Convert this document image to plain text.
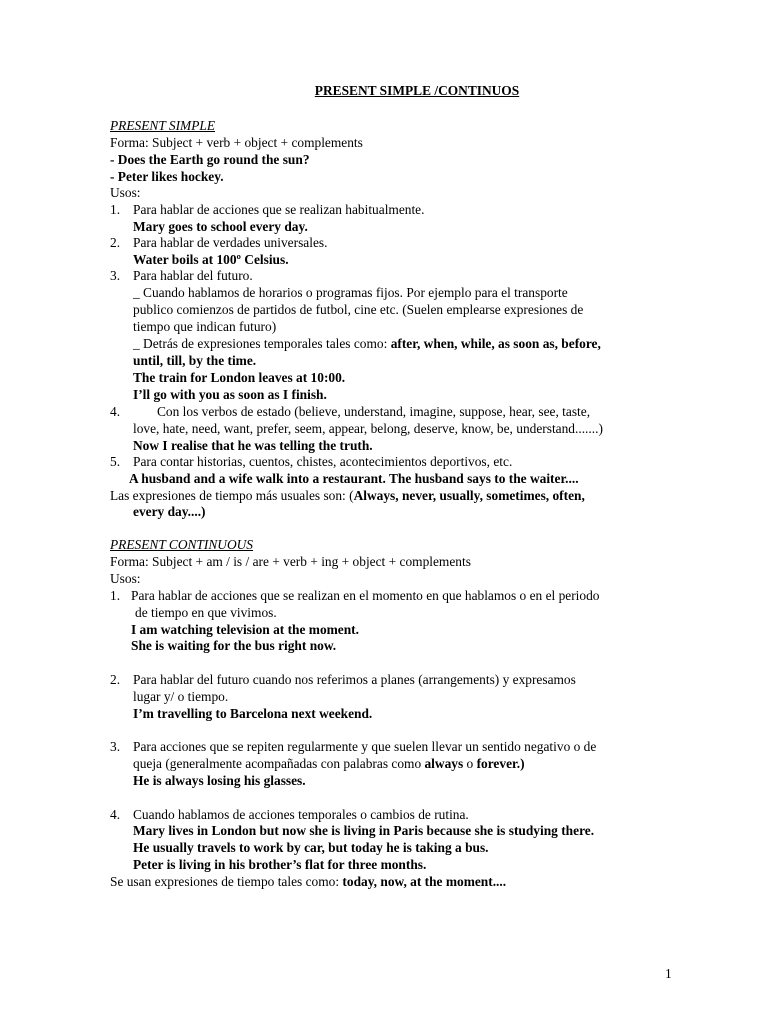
PRESENT SIMPLE /CONTINUOS
PRESENT SIMPLE
Forma: Subject + verb + object + complements
- Does the Earth go round the sun?
- Peter likes hockey.
Usos:
1. Para hablar de acciones que se realizan habitualmente.
Mary goes to school every day.
2. Para hablar de verdades universales.
Water boils at 100º Celsius.
3. Para hablar del futuro.
_ Cuando hablamos de horarios o programas fijos. Por ejemplo para el transporte
publico comienzos de partidos de futbol, cine etc. (Suelen emplearse expresiones de
tiempo que indican futuro)
_ Detrás de expresiones temporales tales como: after, when, while, as soon as, before,
until, till, by the time.
The train for London leaves at 10:00.
I’ll go with you as soon as I finish.
4.	Con los verbos de estado (believe, understand, imagine, suppose, hear, see, taste,
love, hate, need, want, prefer, seem, appear, belong, deserve, know, be, understand.......)
Now I realise that he was telling the truth.
5. Para contar historias, cuentos, chistes, acontecimientos deportivos, etc.
A husband and a wife walk into a restaurant. The husband says to the waiter....
Las expresiones de tiempo más usuales son: (Always, never, usually, sometimes, often,
every day....)
PRESENT CONTINUOUS
Forma: Subject + am / is / are + verb + ing + object + complements
Usos:
1. Para hablar de acciones que se realizan en el momento en que hablamos o en el periodo
de tiempo en que vivimos.
I am watching television at the moment.
She is waiting for the bus right now.
2. Para hablar del futuro cuando nos referimos a planes (arrangements) y expresamos
lugar y/ o tiempo.
I’m travelling to Barcelona next weekend.
3. Para acciones que se repiten regularmente y que suelen llevar un sentido negativo o de
queja (generalmente acompañadas con palabras como always o forever.)
He is always losing his glasses.
4. Cuando hablamos de acciones temporales o cambios de rutina.
Mary lives in London but now she is living in Paris because she is studying there.
He usually travels to work by car, but today he is taking a bus.
Peter is living in his brother’s flat for three months.
Se usan expresiones de tiempo tales como: today, now, at the moment....
1
